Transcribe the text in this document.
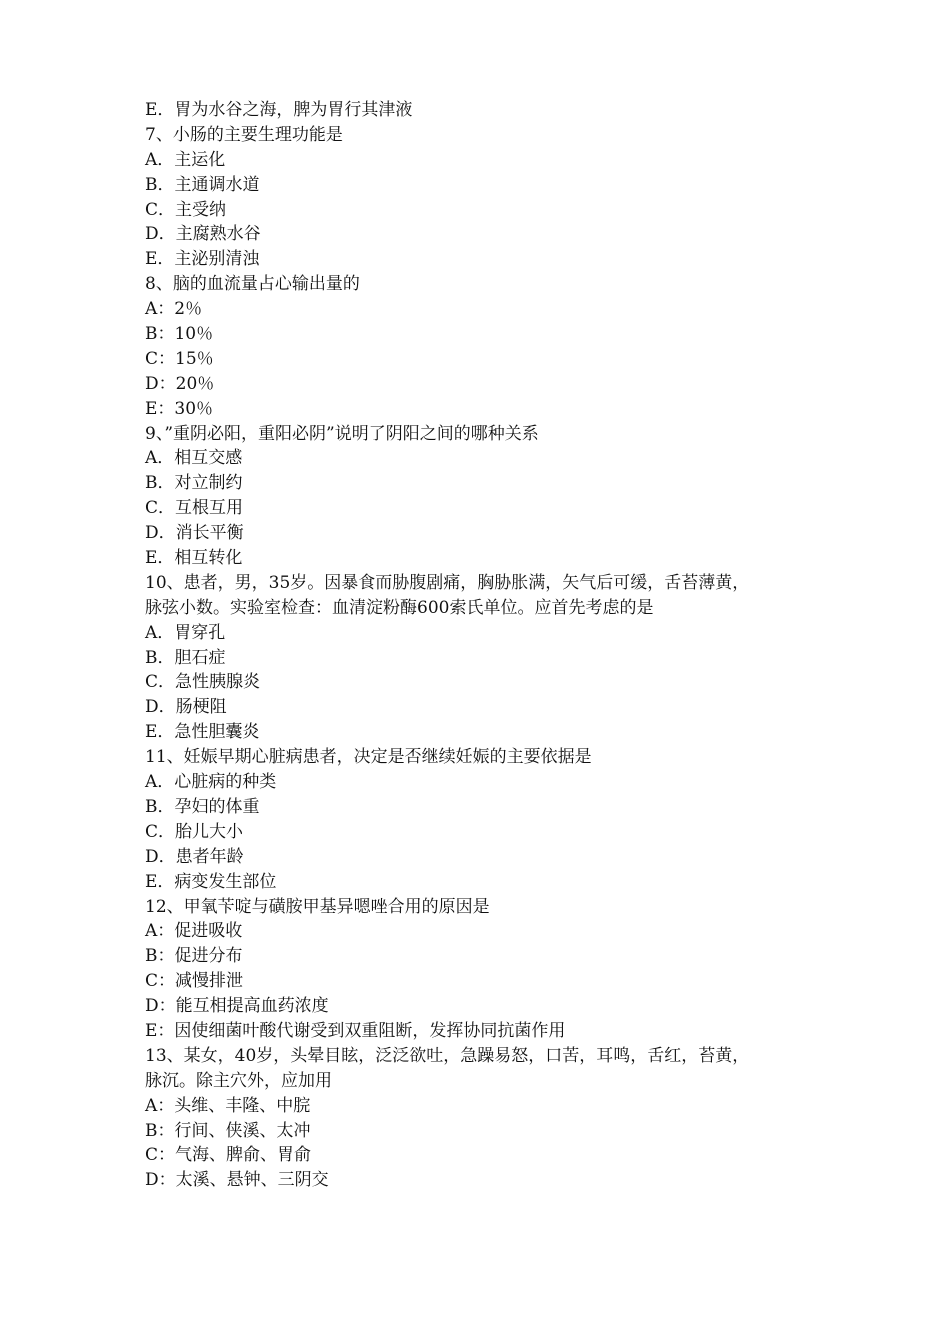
E．胃为水谷之海，脾为胃行其津液
7、小肠的主要生理功能是
A．主运化
B．主通调水道
C．主受纳
D．主腐熟水谷
E．主泌别清浊
8、脑的血流量占心输出量的
A：2％
B：10％
C：15％
D：20％
E：30％
9、”重阴必阳，重阳必阴”说明了阴阳之间的哪种关系
A．相互交感
B．对立制约
C．互根互用
D．消长平衡
E．相互转化
10、患者，男，35岁。因暴食而胁腹剧痛，胸胁胀满，矢气后可缓，舌苔薄黄，
脉弦小数。实验室检查：血清淀粉酶600索氏单位。应首先考虑的是
A．胃穿孔
B．胆石症
C．急性胰腺炎
D．肠梗阻
E．急性胆囊炎
11、妊娠早期心脏病患者，决定是否继续妊娠的主要依据是
A．心脏病的种类
B．孕妇的体重
C．胎儿大小
D．患者年龄
E．病变发生部位
12、甲氧苄啶与磺胺甲基异嗯唑合用的原因是
A：促进吸收
B：促进分布
C：减慢排泄
D：能互相提高血药浓度
E：因使细菌叶酸代谢受到双重阻断，发挥协同抗菌作用
13、某女，40岁，头晕目眩，泛泛欲吐，急躁易怒，口苦，耳鸣，舌红，苔黄，
脉沉。除主穴外，应加用
A：头维、丰隆、中脘
B：行间、侠溪、太冲
C：气海、脾俞、胃俞
D：太溪、悬钟、三阴交
